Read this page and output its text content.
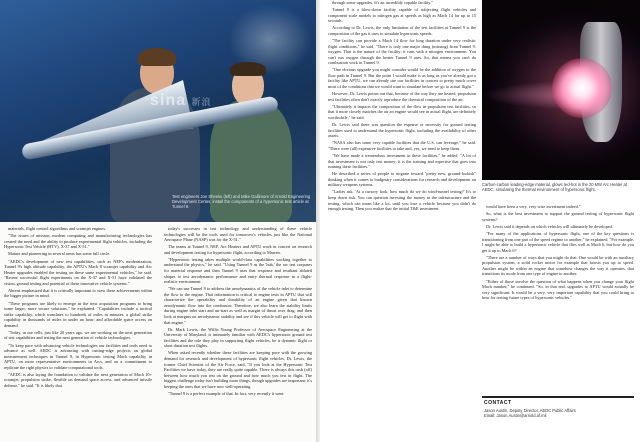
sina 新浪
Test engineers Joe Sheeks (left) and Mike Gallimore of Arnold Engineering Development Center, install the components of a hypersonic test article at Tunnel 9.

materials, flight control algorithms and scramjet engines.

"The issues of mission, modern computing and manufacturing technologies has created the need and the ability to produce experimental flight vehicles, including the Hypersonic Test Vehicle (HTV), X-37 and X-51."

Mature and pioneering in several areas has some full circle.

"AEDC's development of new test capabilities, such as NEF's modernization, Tunnel 9's high altitude capability, the APTU's Mach 8 scramjet capability and Arc Heater upgrades enabled the testing on these same experimental vehicles," he said. "Recent successful flight experiments on the X-37 and X-51 have validated the vision, ground testing and potential of these innovative vehicle systems."

Ahrens emphasized that it is critically important to view these achievements within the bigger picture in mind.

"These programs are likely to emerge as the next acquisition programs to bring some larger, more secure solutions," he explained. "Capabilities include a tactical strike capability, which translates to hundreds of miles in minutes, a global strike capability in thousands of miles in under an hour; and affordable space access on demand.

"Today, in our cells, just like 20 years ago, we are working on the next generation of test capabilities and testing the next generation of vehicle technologies.

"To keep pace with advancing vehicle technologies our facilities and tools need to advance as well. AEDC is advancing with cutting-edge projects on global measurement techniques in Tunnel 9, in Hypersonic testing Mach capability in APTU, on more representative environments in Arcs, and on a commitment to replicate the right physics to validate computational tools.

"AEDC is also laying the foundation to validate the next generation of Mach 10+ scramjet, propulsion strike, flexible on demand space access, and advanced missile defense," he said. "It is likely that

today's successes in test technology and understanding of these vehicle technologies will be the tools used for tomorrow's vehicles just like the National Aerospace Plane (NASP) was for the X-51."

The teams at Tunnel 9, NEF, Arc Heaters and APTU work in concert on research and development testing for hypersonic flight, according to Marren.

"Hypersonic testing takes multiple world-class capabilities working together to understand the physics," he said. "Using Tunnel 9 as the 'hub,' the arc test corpuses for material response and then Tunnel 9 uses that response and resultant ablated shapes to test aerodynamic performance and entry thermal response in a flight-realistic environment.

"We can use Tunnel 9 to address the aerodynamics of the vehicle inlet to determine the flow to the engine. That information is critical to engine tests in APTU that will characterize the operability and durability of an engine given that known aerodynamic flow into the combustor. Therefore, we also learn the stability limits during engine inlet start and un-start as well as margin of thrust over drag, and then look at margins on aerodynamic stability and see if this vehicle will get to flight with that engine."

Dr. Mark Lewis, the Willis Young Professor of Aerospace Engineering at the University of Maryland, is intimately familiar with AEDC's hypersonic ground test facilities and the role they play in supporting flight vehicles, be it dynamic flight or short duration test flights.

When asked recently whether these facilities are keeping pace with the growing demand for research and development of hypersonic flight vehicles, Dr. Lewis, the former Chief Scientist of the Air Force, said, "If you look at the Hypersonic Test Facilities we have today, they are really quite capable. There is always this rush (off) between how much you test on the ground and how much you test in flight. The biggest challenge today isn't building more things, though upgrades are important; it's keeping the ones that we have now well-operating.

"Tunnel 9 is a perfect example of that. In fact, very recently it went

through some upgrades. It's an incredibly capable facility."

Tunnel 9 is a blow-down facility capable of subjecting flight vehicles and component scale models to nitrogen gas at speeds as high as Mach 14 for up to 15 seconds.

According to Dr. Lewis, the only limitation of the test facilities at Tunnel 9 is the composition of the gas it uses to simulate hypersonic speeds.

"The facility can provide a Mach 14 flow for long duration under very realistic flight conditions," he said. "There is only one major thing (missing) from Tunnel 9: oxygen. That is the nature of the facility; it runs with a nitrogen environment. You can't run oxygen through the heater Tunnel 9 uses. So, that means you can't do combustion work in Tunnel 9.

"One obvious upgrade you might consider would be the addition of oxygen to the flow path in Tunnel 9. But the point I would make is as long as you've already got a facility like APTU, we can already use our facilities in concert to pretty much cover most of the conditions that we would want to simulate before we go to actual flight."

However, Dr. Lewis points out that, because of the way they are heated, propulsion test facilities often don't exactly reproduce the chemical composition of the air.

"Ultimately it impacts the composition of the flow in propulsion test facilities, so that it more closely matches the air an engine would see in actual flight, are definitely worthwhile," he said.

Dr. Lewis said there was question the expense or necessity for ground testing facilities used to understand the hypersonic flight, including the availability of other assets.

"NASA also has some very capable facilities that the U.S. can leverage," he said. "There were (all) expensive facilities to take and, yes, we need to keep them.

"We have made a tremendous investment in these facilities," he added. "A lot of that investment is not only test money; it is the training and expertise that goes into running these facilities."

He described a series of people to migrate toward "pretty new, ground-lookish" thinking when it comes to budgetary considerations for research and development on military weapons systems.

"Ladies ask, 'At a cursory look, how much do we do wind-tunnel testing?' It's to keep down risk. You can question investing the money in the infrastructure and the testing, which can mean like a lot, until you lose a vehicle because you didn't do enough testing. Then you realize that the initial T&E investment

Carbon-carbon leading-edge material, glows red-hot in the 20 MW Arc Heater at AEDC, simulating the thermal environment of hypersonic flight.

would have been a very, very wise investment indeed."

So, what is the best investment to support the ground testing of hypersonic flight systems?

Dr. Lewis said it depends on which vehicles will ultimately be developed.

"For many of the applications of hypersonic flight, one of the key questions is transitioning from one part of the speed regime to another," he explained. "For example, I might be able to build a hypersonic vehicle that flies well at Mach 6, but how do you get it up to Mach 6?

"There are a number of ways that you might do that. One would be with an auxiliary propulsion system, a solid rocket motor for example that boosts you up to speed. Another might be within an engine that somehow changes the way it operates, that transitions its mode from one type of engine to another.

"Either of those involve the question of what happens when you change your flight Mach number," he continued. "So, in that end, upgrades to APTU would actually be very significant. It would be a very, very important capability that you could bring to bear for testing future types of hypersonic vehicles."

CONTACT
Jason Austin, Deputy Director, AEDC Public Affairs
Email: Jason.Austin@arnold.af.mil
